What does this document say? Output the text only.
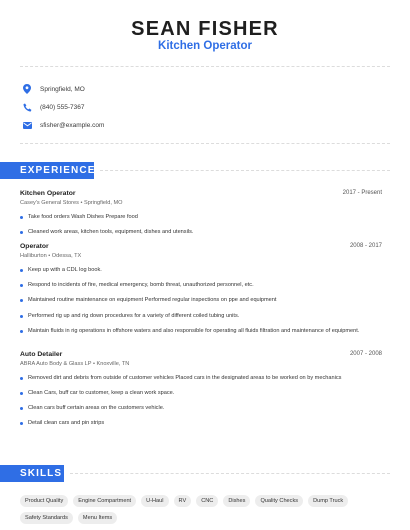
SEAN FISHER
Kitchen Operator
Springfield, MO
(840) 555-7367
sfisher@example.com
EXPERIENCE
Kitchen Operator	2017 - Present
Casey's General Stores • Springfield, MO
Take food orders Wash Dishes Prepare food
Cleaned work areas, kitchen tools, equipment, dishes and utensils.
Operator	2008 - 2017
Halliburton • Odessa, TX
Keep up with a CDL log book.
Respond to incidents of fire, medical emergency, bomb threat, unauthorized personnel, etc.
Maintained routine maintenance on equipment Performed regular inspections on ppe and equipment
Performed rig up and rig down procedures for a variety of different coiled tubing units.
Maintain fluids in rig operations in offshore waters and also responsible for operating all fluids filtration and maintenance of equipment.
Auto Detailer	2007 - 2008
ABRA Auto Body & Glass LP • Knoxville, TN
Removed dirt and debris from outside of customer vehicles Placed cars in the designated areas to be worked on by mechanics
Clean Cars, buff car to customer, keep a clean work space.
Clean cars buff certain areas on the customers vehicle.
Detail clean cars and pin strips
SKILLS
Product Quality	Engine Compartment	U-Haul	RV	CNC	Dishes	Quality Checks	Dump Truck
Safety Standards	Menu Items
